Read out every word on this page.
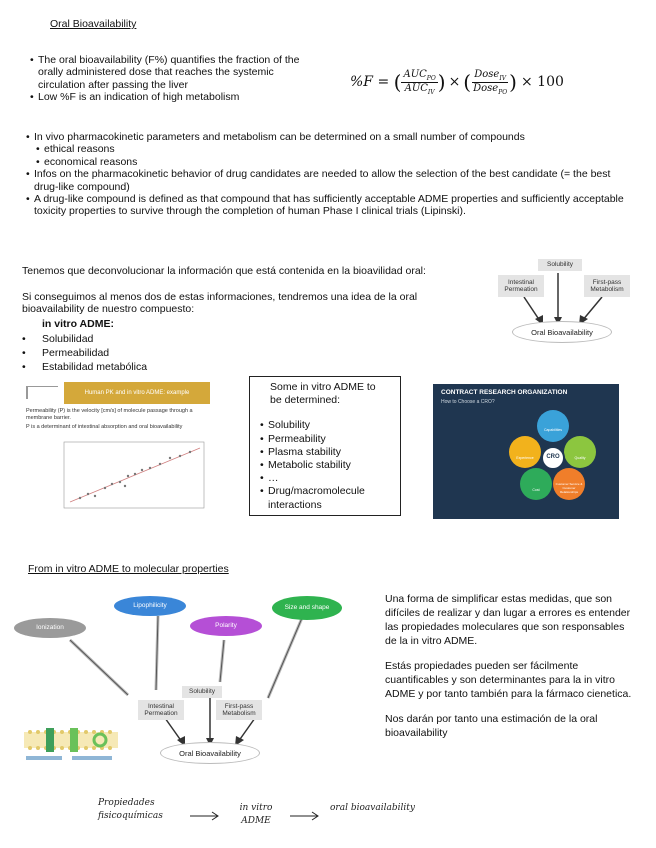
Oral Bioavailability
• The oral bioavailability (F%) quantifies the fraction of the orally administered dose that reaches the systemic circulation after passing the liver
• Low %F is an indication of high metabolism
%F = ( $AUC_{PO}$
$AUC_{IV}$ ) × ( Dose$_{IV}$
Dose$_{PO}$ ) × 100
• In vivo pharmacokinetic parameters and metabolism can be determined on a small number of compounds
• ethical reasons
• economical reasons
• Infos on the pharmacokinetic behavior of drug candidates are needed to allow the selection of the best candidate (= the best drug-like compound)
• A drug-like compound is defined as that compound that has sufficiently acceptable ADME properties and sufficiently acceptable toxicity properties to survive through the completion of human Phase I clinical trials (Lipinski).
Tenemos que deconvolucionar la información que está contenida en la bioavilidad oral:
Si conseguimos al menos dos de estas informaciones, tendremos una idea de la oral bioavailability de nuestro compuesto:
in vitro ADME:
• Solubilidad
• Permeabilidad
• Estabilidad metabólica
Solubility
Intestinal Permeation
First-pass Metabolism
Oral Bioavailability
Human PK and in vitro ADME: example
Permeability (P) is the velocity [cm/s] of molecule passage through a membrane barrier.
P is a determinant of intestinal absorption and oral bioavailability
Some in vitro ADME to be determined:
• Solubility
• Permeability
• Plasma stability
• Metabolic stability
• …
• Drug/macromolecule interactions
CONTRACT RESEARCH ORGANIZATION
How to Choose a CRO?
CRO
Capabilities
Quality
Customer Service & Customer Relationships
Cost
Experience
From in vitro ADME to molecular properties

Una forma de simplificar estas medidas, que son difíciles de realizar y dan lugar a errores es entender las propiedades moleculares que son responsables de la in vitro ADME.

Estás propiedades pueden ser fácilmente cuantificables y son determinantes para la in vitro ADME y por tanto también para la fármaco cienetica.

Nos darán por tanto una estimación de la oral bioavailability

Ionization
Lipophilicity
Polarity
Size and shape
Solubility
Intestinal Permeation
First-pass Metabolism
Oral Bioavailability
Propiedades fisicoquímicas
in vitro ADME
oral bioavailability
